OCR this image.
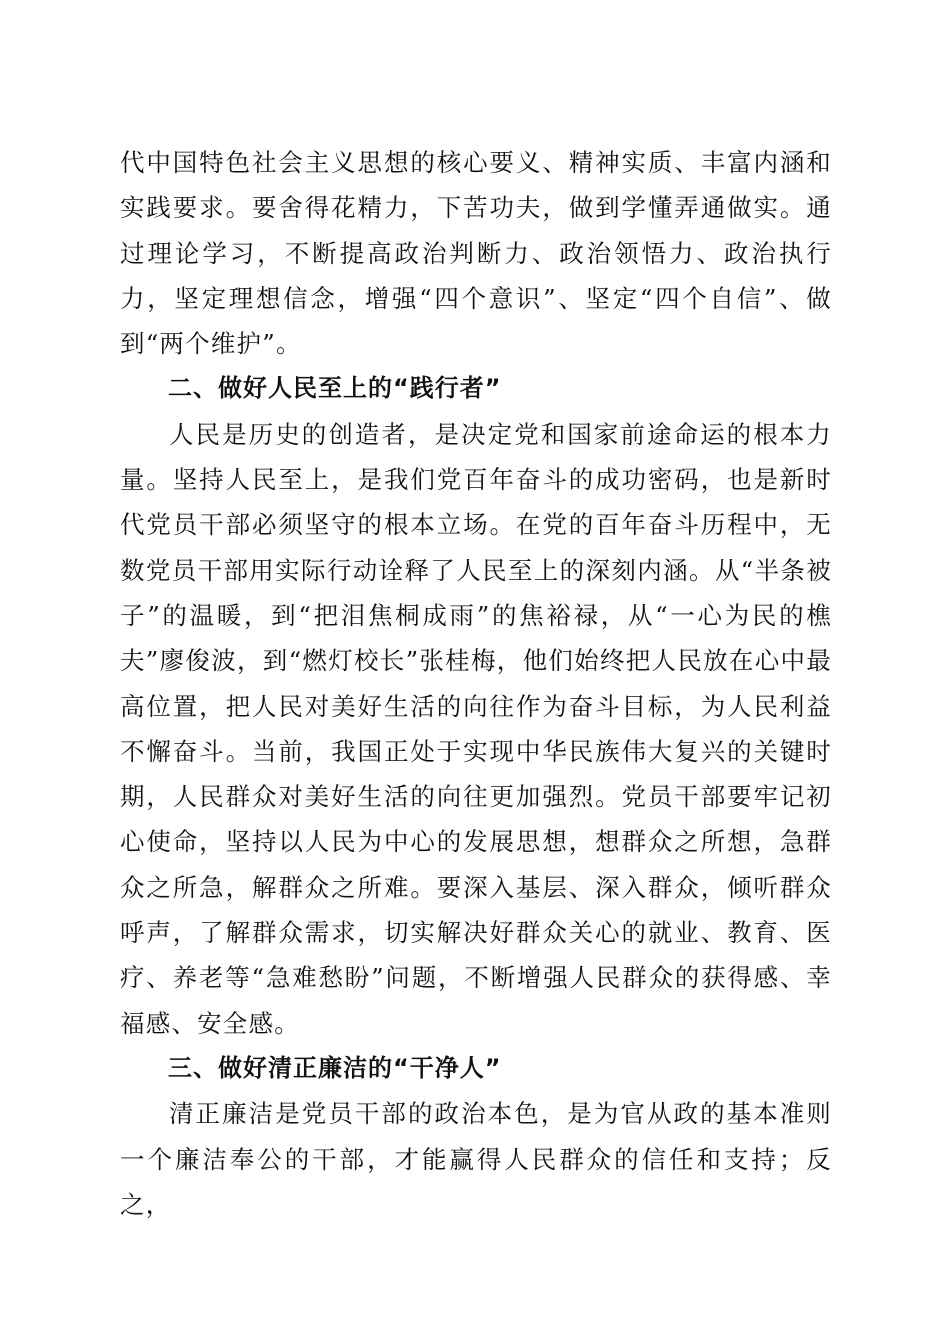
代中国特色社会主义思想的核心要义、精神实质、丰富内涵和实践要求。要舍得花精力，下苦功夫，做到学懂弄通做实。通过理论学习，不断提高政治判断力、政治领悟力、政治执行力，坚定理想信念，增强“四个意识”、坚定“四个自信”、做到“两个维护”。

二、做好人民至上的“践行者”

人民是历史的创造者，是决定党和国家前途命运的根本力量。坚持人民至上，是我们党百年奋斗的成功密码，也是新时代党员干部必须坚守的根本立场。在党的百年奋斗历程中，无数党员干部用实际行动诠释了人民至上的深刻内涵。从“半条被子”的温暖，到“把泪焦桐成雨”的焦裕禄，从“一心为民的樵夫”廖俊波，到“燃灯校长”张桂梅，他们始终把人民放在心中最高位置，把人民对美好生活的向往作为奋斗目标，为人民利益不懈奋斗。当前，我国正处于实现中华民族伟大复兴的关键时期，人民群众对美好生活的向往更加强烈。党员干部要牢记初心使命，坚持以人民为中心的发展思想，想群众之所想，急群众之所急，解群众之所难。要深入基层、深入群众，倾听群众呼声，了解群众需求，切实解决好群众关心的就业、教育、医疗、养老等“急难愁盼”问题，不断增强人民群众的获得感、幸福感、安全感。

三、做好清正廉洁的“干净人”

清正廉洁是党员干部的政治本色，是为官从政的基本准则一个廉洁奉公的干部，才能赢得人民群众的信任和支持；反之，
